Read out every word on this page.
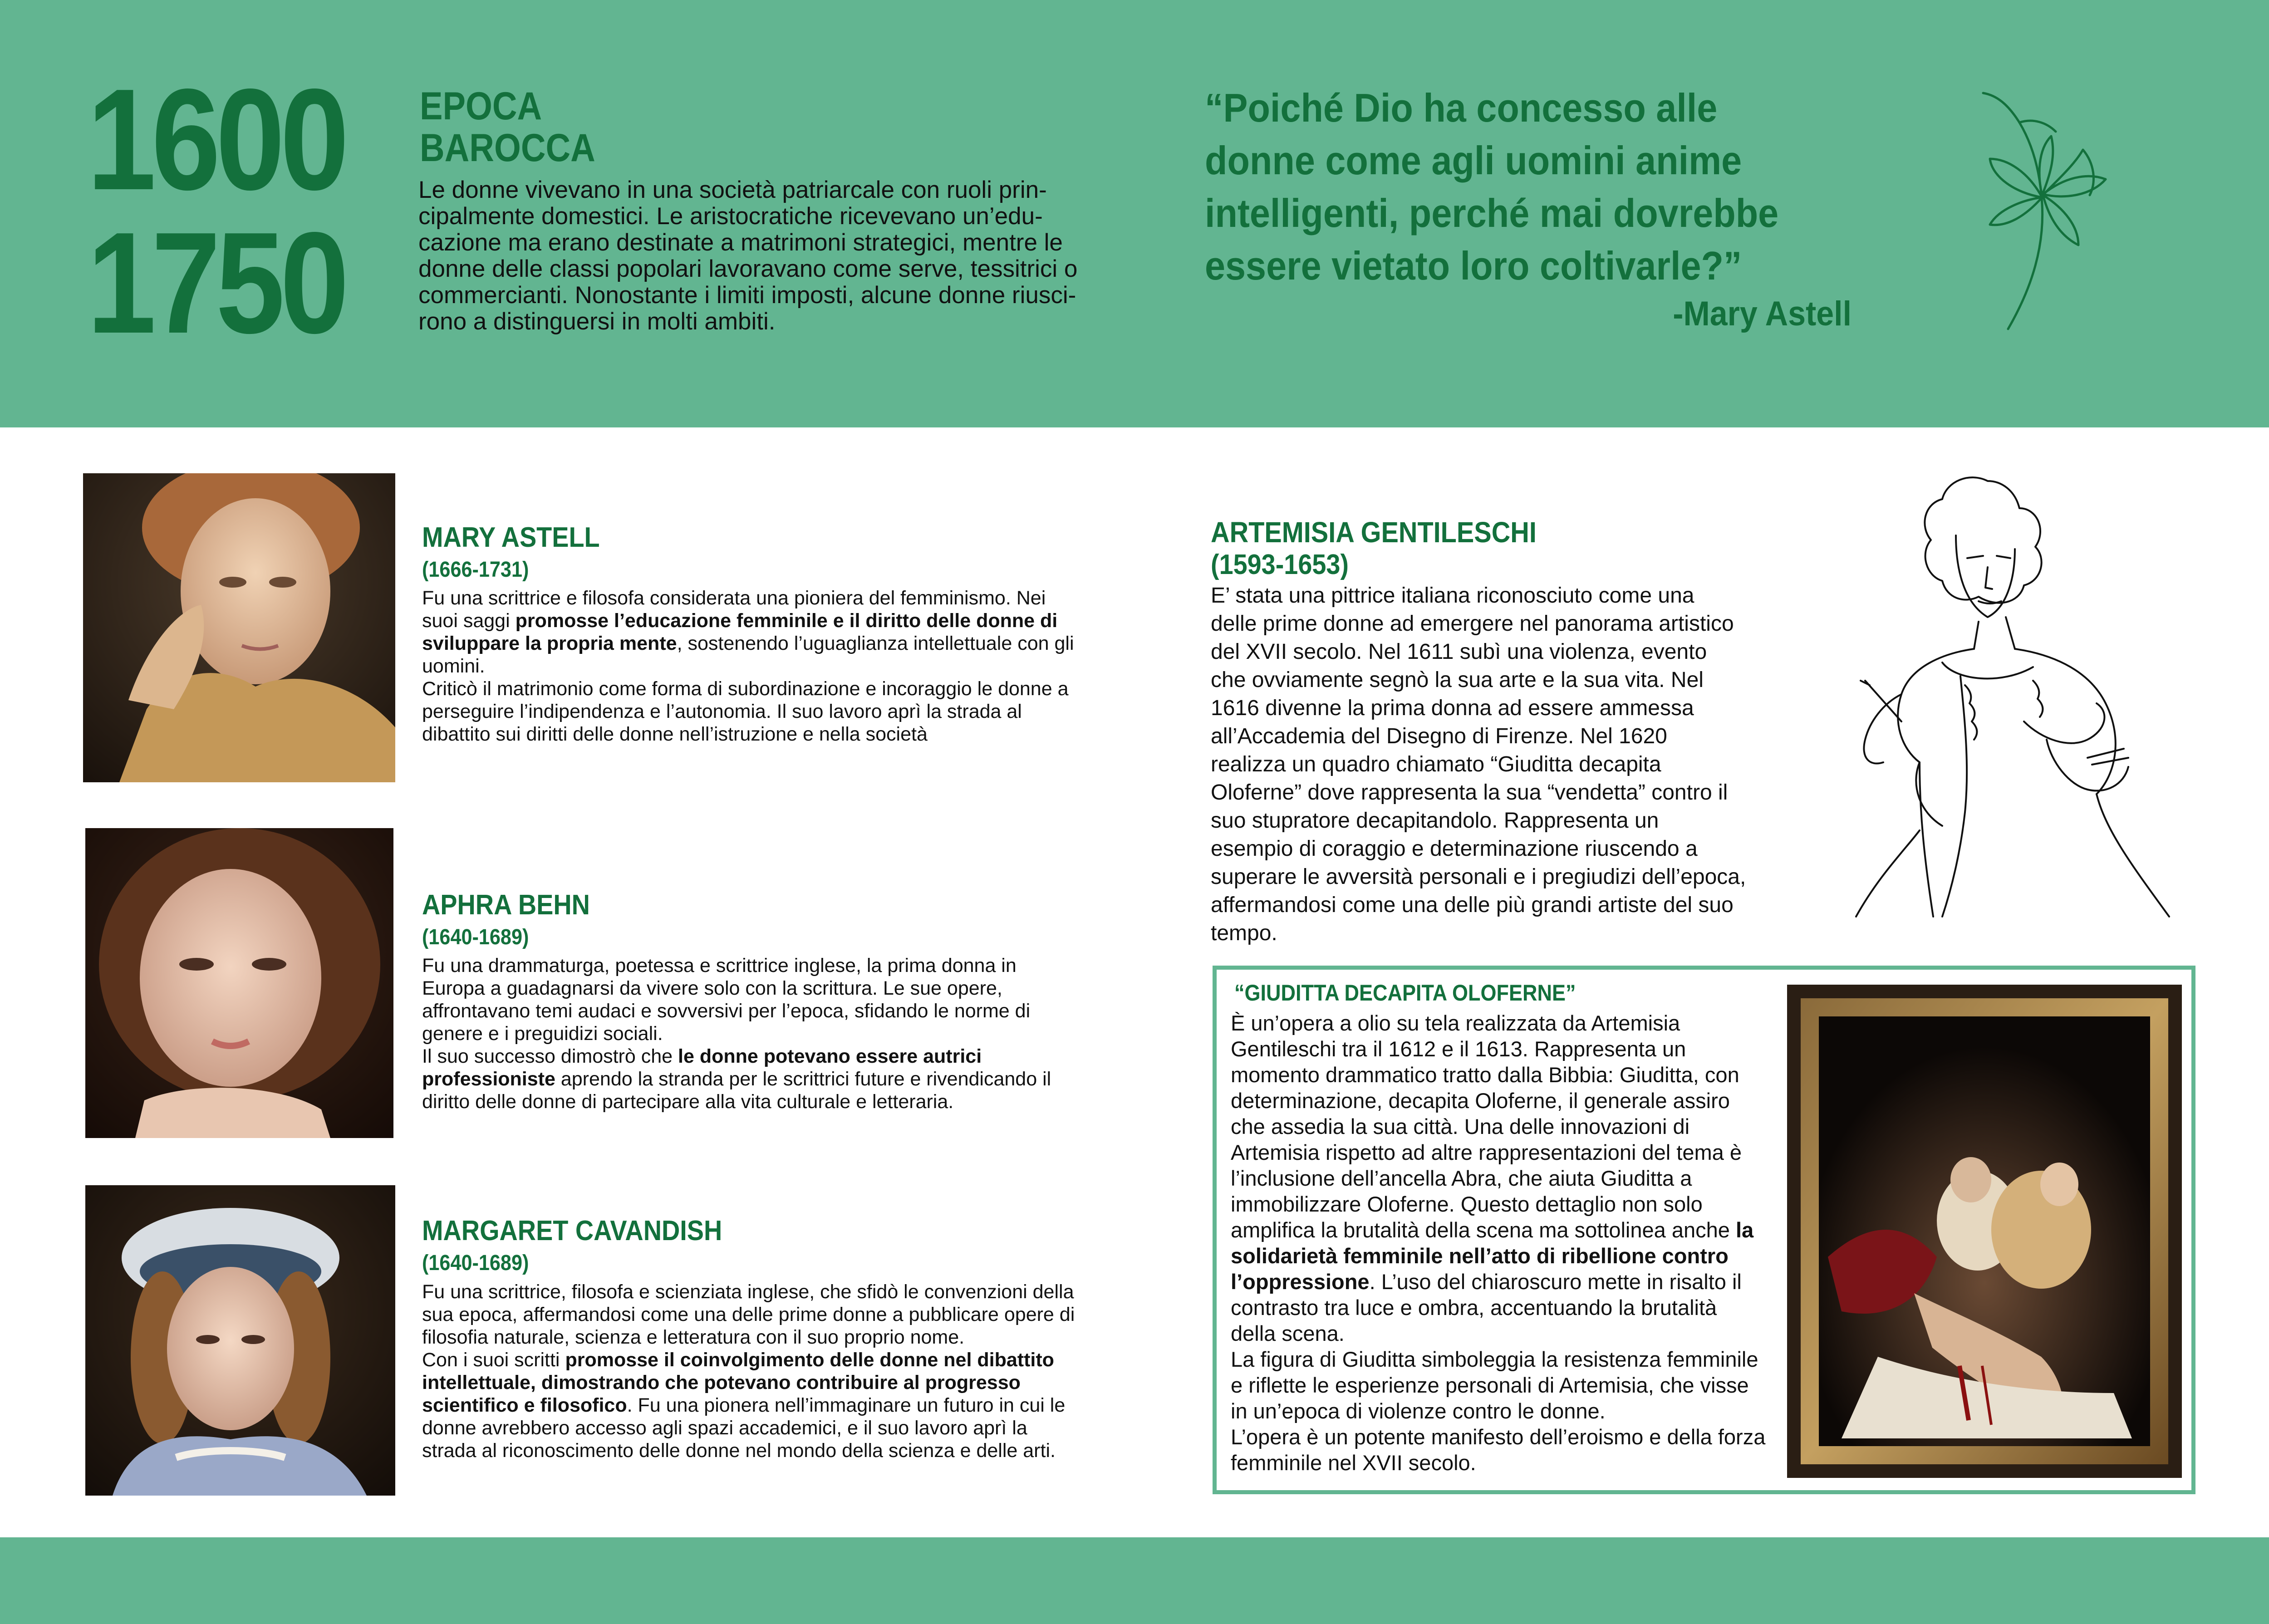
1600
1750
EPOCA
BAROCCA
Le donne vivevano in una società patriarcale con ruoli prin-cipalmente domestici. Le aristocratiche ricevevano un’edu-cazione ma erano destinate a matrimoni strategici, mentre le donne delle classi popolari lavoravano come serve, tessitrici o commercianti. Nonostante i limiti imposti, alcune donne riusci-rono a distinguersi in molti ambiti.
“Poiché Dio ha concesso alle donne come agli uomini anime intelligenti, perché mai dovrebbe essere vietato loro coltivarle?”
-Mary Astell
MARY ASTELL
(1666-1731)

Fu una scrittrice e filosofa considerata una pioniera del femminismo. Nei suoi saggi promosse l’educazione femminile e il diritto delle donne di sviluppare la propria mente, sostenendo l’uguaglianza intellettuale con gli uomini.

Criticò il matrimonio come forma di subordinazione e incoraggio le donne a perseguire l’indipendenza e l’autonomia. Il suo lavoro aprì la strada al dibattito sui diritti delle donne nell’istruzione e nella società

APHRA BEHN
(1640-1689)

Fu una drammaturga, poetessa e scrittrice inglese, la prima donna in Europa a guadagnarsi da vivere solo con la scrittura. Le sue opere, affrontavano temi audaci e sovversivi per l’epoca, sfidando le norme di genere e i preguidizi sociali.

Il suo successo dimostrò che le donne potevano essere autrici professioniste aprendo la stranda per le scrittrici future e rivendicando il diritto delle donne di partecipare alla vita culturale e letteraria.

MARGARET CAVANDISH
(1640-1689)

Fu una scrittrice, filosofa e scienziata inglese, che sfidò le convenzioni della sua epoca, affermandosi come una delle prime donne a pubblicare opere di filosofia naturale, scienza e letteratura con il suo proprio nome.

Con i suoi scritti promosse il coinvolgimento delle donne nel dibattito intellettuale, dimostrando che potevano contribuire al progresso scientifico e filosofico. Fu una pionera nell’immaginare un futuro in cui le donne avrebbero accesso agli spazi accademici, e il suo lavoro aprì la strada al riconoscimento delle donne nel mondo della scienza e delle arti.

ARTEMISIA GENTILESCHI
(1593-1653)
E’ stata una pittrice italiana riconosciuto come una delle prime donne ad emergere nel panorama artistico del XVII secolo. Nel 1611 subì una violenza, evento che ovviamente segnò la sua arte e la sua vita. Nel 1616 divenne la prima donna ad essere ammessa all’Accademia del Disegno di Firenze. Nel 1620 realizza un quadro chiamato “Giuditta decapita Oloferne” dove rappresenta la sua “vendetta” contro il suo stupratore decapitandolo. Rappresenta un esempio di coraggio e determinazione riuscendo a superare le avversità personali e i pregiudizi dell’epoca, affermandosi come una delle più grandi artiste del suo tempo.
“GIUDITTA DECAPITA OLOFERNE”

È un’opera a olio su tela realizzata da Artemisia Gentileschi tra il 1612 e il 1613. Rappresenta un momento drammatico tratto dalla Bibbia: Giuditta, con determinazione, decapita Oloferne, il generale assiro che assedia la sua città. Una delle innovazioni di Artemisia rispetto ad altre rappresentazioni del tema è l’inclusione dell’ancella Abra, che aiuta Giuditta a immobilizzare Oloferne. Questo dettaglio non solo amplifica la brutalità della scena ma sottolinea anche la solidarietà femminile nell’atto di ribellione contro l’oppressione. L’uso del chiaroscuro mette in risalto il contrasto tra luce e ombra, accentuando la brutalità della scena.

La figura di Giuditta simboleggia la resistenza femminile e riflette le esperienze personali di Artemisia, che visse in un’epoca di violenze contro le donne.

L’opera è un potente manifesto dell’eroismo e della forza femminile nel XVII secolo.
